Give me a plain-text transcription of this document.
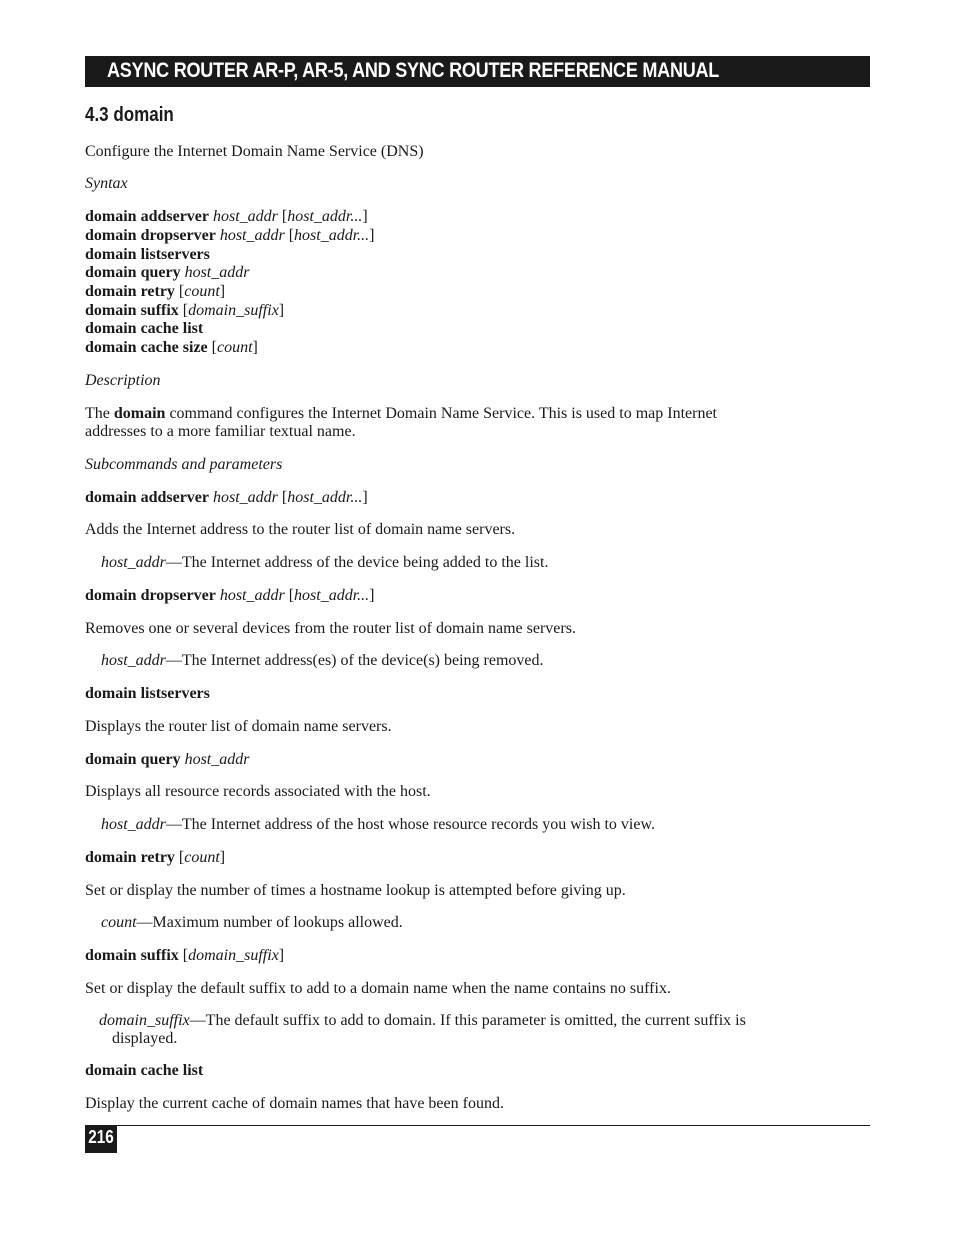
ASYNC ROUTER AR-P, AR-5, AND SYNC ROUTER REFERENCE MANUAL
4.3 domain
Configure the Internet Domain Name Service (DNS)
Syntax
domain addserver host_addr [host_addr...]
domain dropserver host_addr [host_addr...]
domain listservers
domain query host_addr
domain retry [count]
domain suffix [domain_suffix]
domain cache list
domain cache size [count]
Description
The domain command configures the Internet Domain Name Service. This is used to map Internet
addresses to a more familiar textual name.
Subcommands and parameters
domain addserver host_addr [host_addr...]
Adds the Internet address to the router list of domain name servers.
host_addr—The Internet address of the device being added to the list.
domain dropserver host_addr [host_addr...]
Removes one or several devices from the router list of domain name servers.
host_addr—The Internet address(es) of the device(s) being removed.
domain listservers
Displays the router list of domain name servers.
domain query host_addr
Displays all resource records associated with the host.
host_addr—The Internet address of the host whose resource records you wish to view.
domain retry [count]
Set or display the number of times a hostname lookup is attempted before giving up.
count—Maximum number of lookups allowed.
domain suffix [domain_suffix]
Set or display the default suffix to add to a domain name when the name contains no suffix.
domain_suffix—The default suffix to add to domain. If this parameter is omitted, the current suffix is
displayed.
domain cache list
Display the current cache of domain names that have been found.
216
